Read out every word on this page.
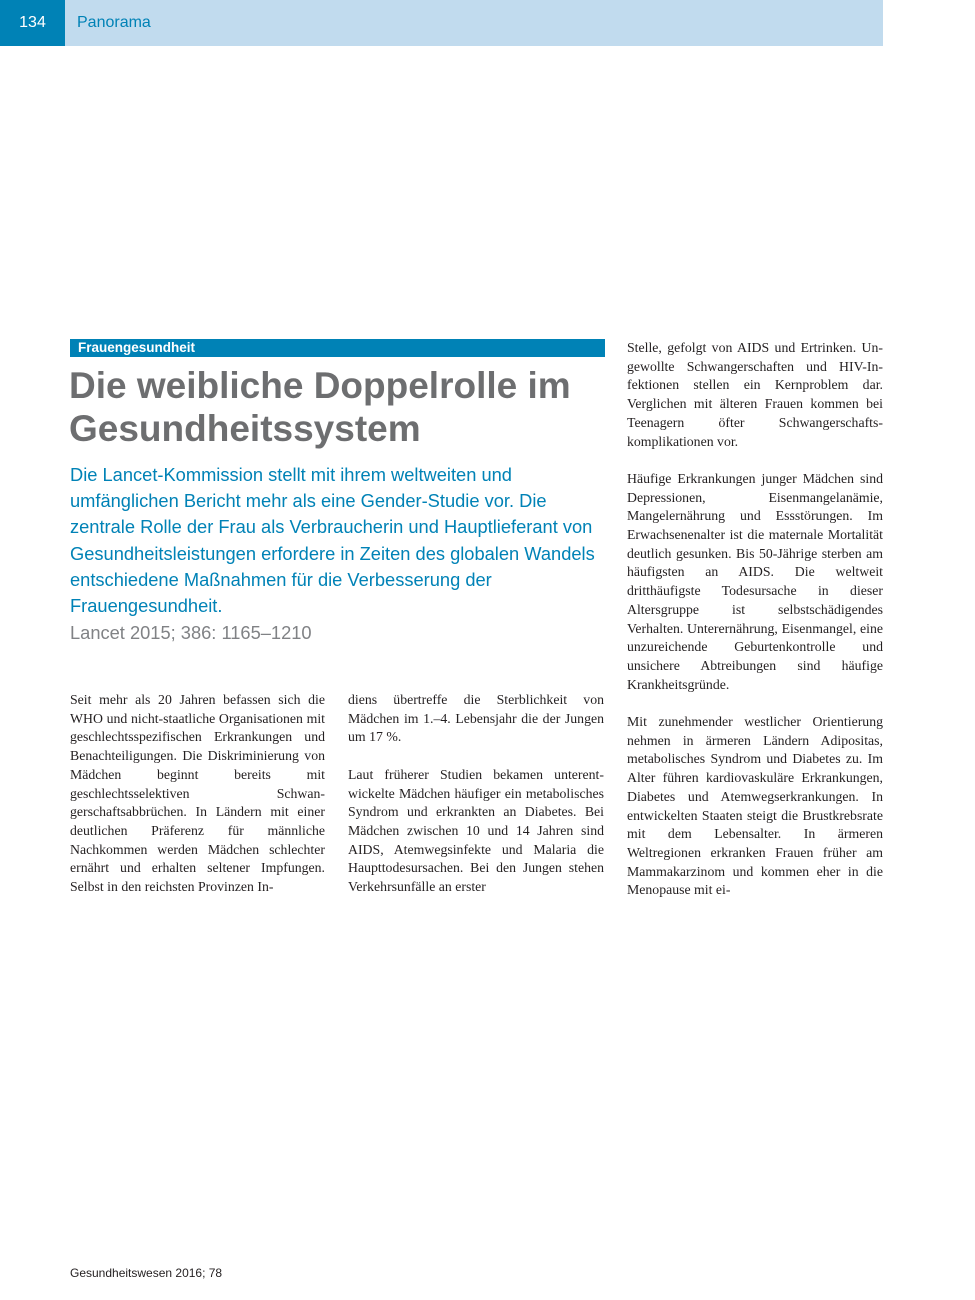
134	Panorama
Frauengesundheit
Die weibliche Doppelrolle im
Gesundheitssystem

Die Lancet-Kommission stellt mit ihrem weltweiten und umfänglichen Bericht mehr als eine Gender-Studie vor. Die zentrale Rolle der Frau als Verbraucherin und Hauptlieferant von Gesundheitsleistungen erfordere in Zeiten des globalen Wandels entschiedene Maßnahmen für die Verbesserung der Frauengesundheit.

Lancet 2015; 386: 1165–1210

Seit mehr als 20 Jahren befassen sich die WHO und nicht-staatliche Organisationen mit geschlechtsspezifischen Erkrankungen und Benachteiligungen. Die Diskriminierung von Mädchen beginnt bereits mit geschlechtsselektiven Schwangerschaftsabbrüchen. In Ländern mit einer deutlichen Präferenz für männliche Nachkommen werden Mädchen schlechter ernährt und erhalten seltener Impfungen. Selbst in den reichsten Provinzen In-

diens übertreffe die Sterblichkeit von Mädchen im 1.–4. Lebensjahr die der Jungen um 17 %.

Laut früherer Studien bekamen unterentwickelte Mädchen häufiger ein metabolisches Syndrom und erkrankten an Diabetes. Bei Mädchen zwischen 10 und 14 Jahren sind AIDS, Atemwegsinfekte und Malaria die Haupttodesursachen. Bei den Jungen stehen Verkehrsunfälle an erster

Stelle, gefolgt von AIDS und Ertrinken. Ungewollte Schwangerschaften und HIV-Infektionen stellen ein Kernproblem dar. Verglichen mit älteren Frauen kommen bei Teenagern öfter Schwangerschaftskomplikationen vor.

Häufige Erkrankungen junger Mädchen sind Depressionen, Eisenmangelanämie, Mangelernährung und Essstörungen. Im Erwachsenenalter ist die maternale Mortalität deutlich gesunken. Bis 50-Jährige sterben am häufigsten an AIDS. Die weltweit dritthäufigste Todesursache in dieser Altersgruppe ist selbstschädigendes Verhalten. Unterernährung, Eisenmangel, eine unzureichende Geburtenkontrolle und unsichere Abtreibungen sind häufige Krankheitsgründe.

Mit zunehmender westlicher Orientierung nehmen in ärmeren Ländern Adipositas, metabolisches Syndrom und Diabetes zu. Im Alter führen kardiovaskuläre Erkrankungen, Diabetes und Atemwegserkrankungen. In entwickelten Staaten steigt die Brustkrebsrate mit dem Lebensalter. In ärmeren Weltregionen erkranken Frauen früher am Mammakarzinom und kommen eher in die Menopause mit ei-

Gesundheitswesen 2016; 78
